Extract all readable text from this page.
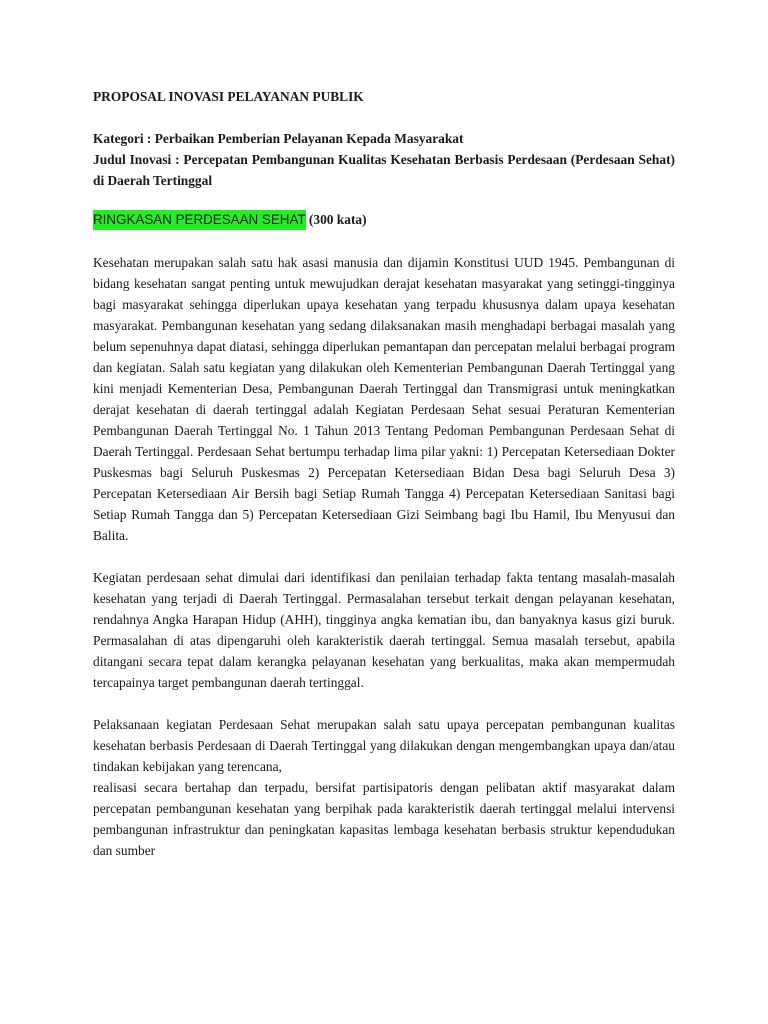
PROPOSAL INOVASI PELAYANAN PUBLIK

Kategori : Perbaikan Pemberian Pelayanan Kepada Masyarakat

Judul Inovasi : Percepatan Pembangunan Kualitas Kesehatan Berbasis Perdesaan (Perdesaan Sehat) di Daerah Tertinggal

RINGKASAN PERDESAAN SEHAT (300 kata)

Kesehatan merupakan salah satu hak asasi manusia dan dijamin Konstitusi UUD 1945. Pembangunan di bidang kesehatan sangat penting untuk mewujudkan derajat kesehatan masyarakat yang setinggi-tingginya bagi masyarakat sehingga diperlukan upaya kesehatan yang terpadu khususnya dalam upaya kesehatan masyarakat. Pembangunan kesehatan yang sedang dilaksanakan masih menghadapi berbagai masalah yang belum sepenuhnya dapat diatasi, sehingga diperlukan pemantapan dan percepatan melalui berbagai program dan kegiatan. Salah satu kegiatan yang dilakukan oleh Kementerian Pembangunan Daerah Tertinggal yang kini menjadi Kementerian Desa, Pembangunan Daerah Tertinggal dan Transmigrasi untuk meningkatkan derajat kesehatan di daerah tertinggal adalah Kegiatan Perdesaan Sehat sesuai Peraturan Kementerian Pembangunan Daerah Tertinggal No. 1 Tahun 2013 Tentang Pedoman Pembangunan Perdesaan Sehat di Daerah Tertinggal. Perdesaan Sehat bertumpu terhadap lima pilar yakni: 1) Percepatan Ketersediaan Dokter Puskesmas bagi Seluruh Puskesmas 2) Percepatan Ketersediaan Bidan Desa bagi Seluruh Desa 3) Percepatan Ketersediaan Air Bersih bagi Setiap Rumah Tangga 4) Percepatan Ketersediaan Sanitasi bagi Setiap Rumah Tangga dan 5) Percepatan Ketersediaan Gizi Seimbang bagi Ibu Hamil, Ibu Menyusui dan Balita.

Kegiatan perdesaan sehat dimulai dari identifikasi dan penilaian terhadap fakta tentang masalah-masalah kesehatan yang terjadi di Daerah Tertinggal. Permasalahan tersebut terkait dengan pelayanan kesehatan, rendahnya Angka Harapan Hidup (AHH), tingginya angka kematian ibu, dan banyaknya kasus gizi buruk. Permasalahan di atas dipengaruhi oleh karakteristik daerah tertinggal. Semua masalah tersebut, apabila ditangani secara tepat dalam kerangka pelayanan kesehatan yang berkualitas, maka akan mempermudah tercapainya target pembangunan daerah tertinggal.

Pelaksanaan kegiatan Perdesaan Sehat merupakan salah satu upaya percepatan pembangunan kualitas kesehatan berbasis Perdesaan di Daerah Tertinggal yang dilakukan dengan mengembangkan upaya dan/atau tindakan kebijakan yang terencana,

realisasi secara bertahap dan terpadu, bersifat partisipatoris dengan pelibatan aktif masyarakat dalam percepatan pembangunan kesehatan yang berpihak pada karakteristik daerah tertinggal melalui intervensi pembangunan infrastruktur dan peningkatan kapasitas lembaga kesehatan berbasis struktur kependudukan dan sumber
